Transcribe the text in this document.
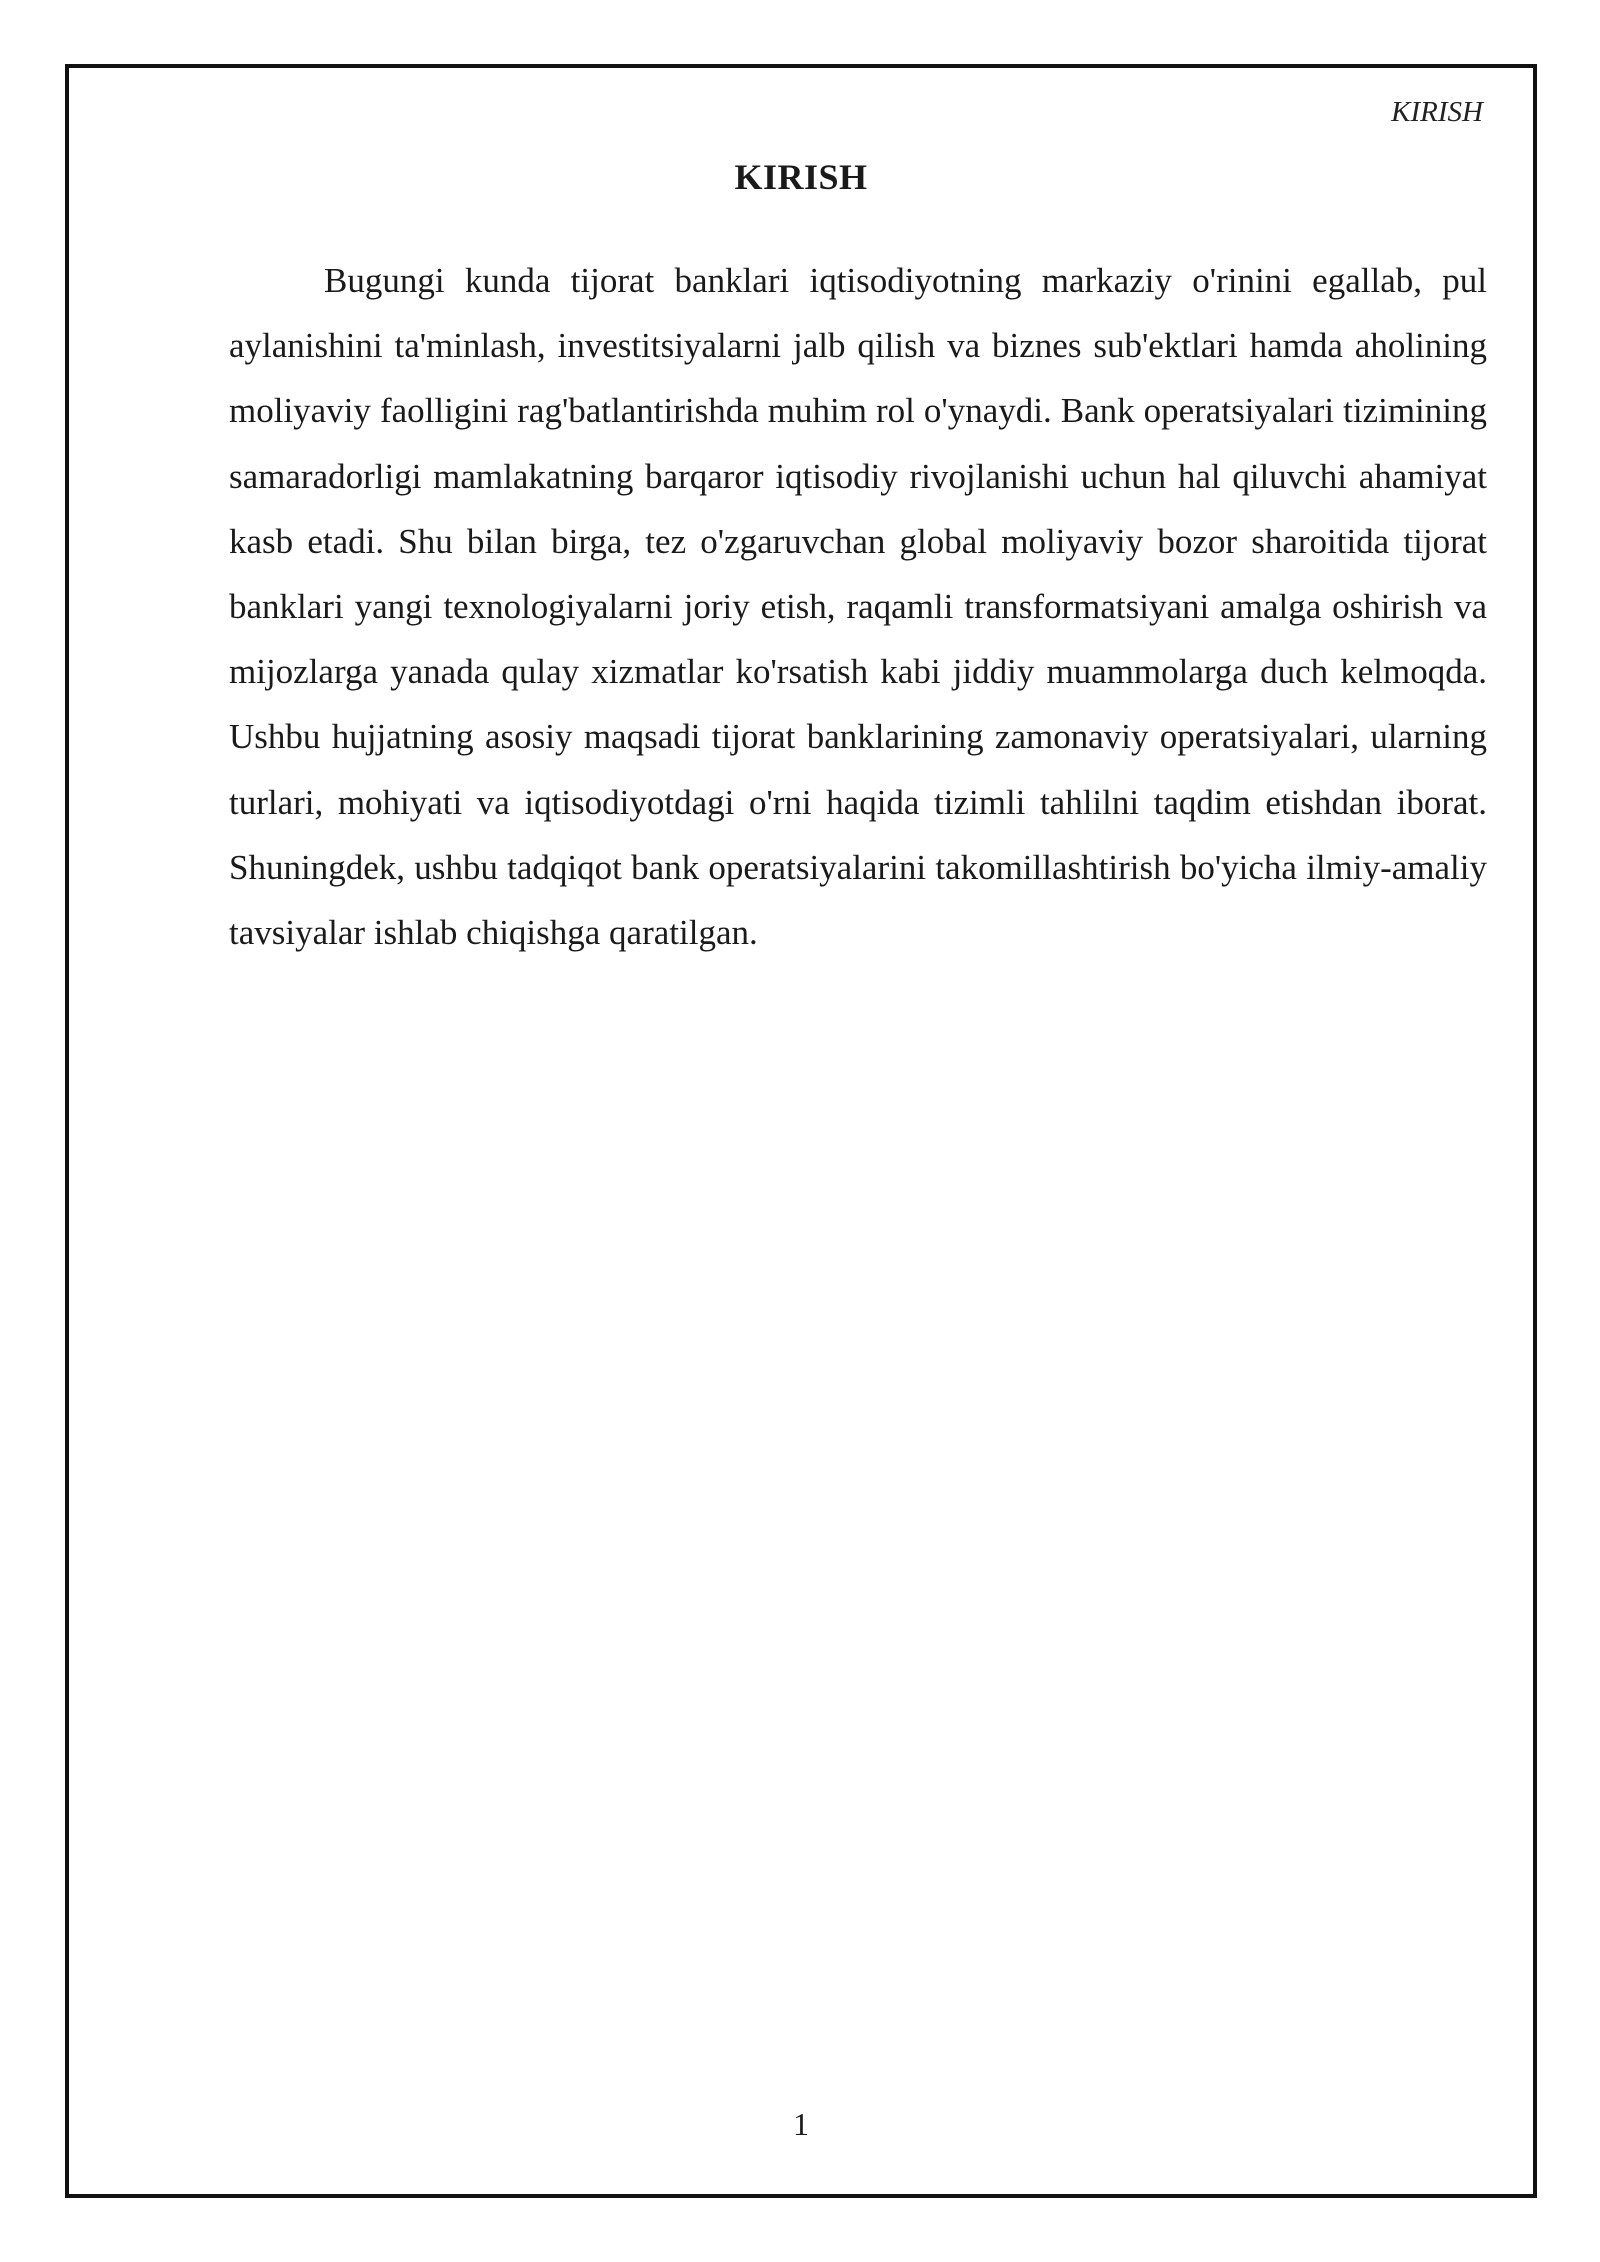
KIRISH
KIRISH

Bugungi kunda tijorat banklari iqtisodiyotning markaziy o'rinini egallab, pul aylanishini ta'minlash, investitsiyalarni jalb qilish va biznes sub'ektlari hamda aholining moliyaviy faolligini rag'batlantirishda muhim rol o'ynaydi. Bank operatsiyalari tizimining samaradorligi mamlakatning barqaror iqtisodiy rivojlanishi uchun hal qiluvchi ahamiyat kasb etadi. Shu bilan birga, tez o'zgaruvchan global moliyaviy bozor sharoitida tijorat banklari yangi texnologiyalarni joriy etish, raqamli transformatsiyani amalga oshirish va mijozlarga yanada qulay xizmatlar ko'rsatish kabi jiddiy muammolarga duch kelmoqda. Ushbu hujjatning asosiy maqsadi tijorat banklarining zamonaviy operatsiyalari, ularning turlari, mohiyati va iqtisodiyotdagi o'rni haqida tizimli tahlilni taqdim etishdan iborat. Shuningdek, ushbu tadqiqot bank operatsiyalarini takomillashtirish bo'yicha ilmiy-amaliy tavsiyalar ishlab chiqishga qaratilgan.

1
